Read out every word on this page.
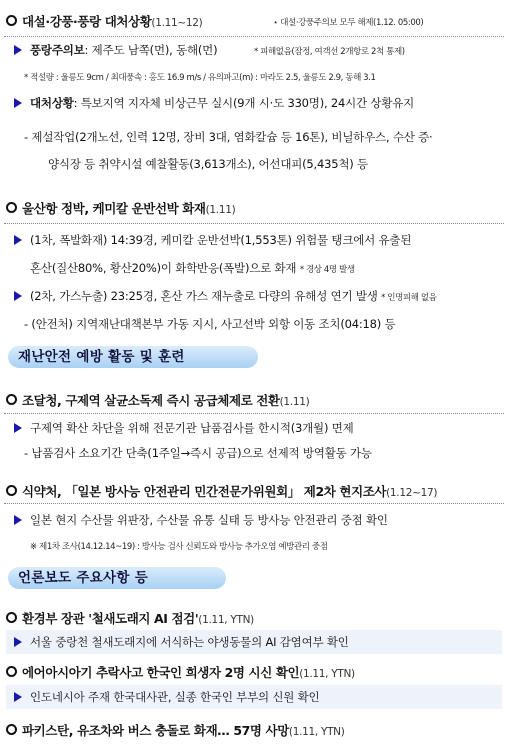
대설·강풍·풍랑 대처상황(1.11~12)	⋆ 대설·강풍주의보 모두 해제(1.12. 05:00)
풍랑주의보: 제주도 남쪽(먼), 동해(먼)	* 피해없음(잠정, 여객선 2개항로 2척 통제)
* 적설량 : 울릉도 9cm / 최대풍속 : 홍도 16.9 m/s / 유의파고(m) : 마라도 2.5, 울릉도 2.9, 동해 3.1
대처상황: 특보지역 지자체 비상근무 실시(9개 시·도 330명), 24시간 상황유지
- 제설작업(2개노선, 인력 12명, 장비 3대, 염화칼슘 등 16톤), 비닐하우스, 수산 증·
양식장 등 취약시설 예찰활동(3,613개소), 어선대피(5,435척) 등
울산항 정박, 케미칼 운반선박 화재(1.11)
(1차, 폭발화재) 14:39경, 케미칼 운반선박(1,553톤) 위험물 탱크에서 유출된
혼산(질산80%, 황산20%)이 화학반응(폭발)으로 화재 * 경상 4명 발생
(2차, 가스누출) 23:25경, 혼산 가스 재누출로 다량의 유해성 연기 발생 * 인명피해 없음
- (안전처) 지역재난대책본부 가동 지시, 사고선박 외항 이동 조치(04:18) 등
재난안전 예방 활동 및 훈련
조달청, 구제역 살균소독제 즉시 공급체제로 전환(1.11)
구제역 확산 차단을 위해 전문기관 납품검사를 한시적(3개월) 면제
- 납품검사 소요기간 단축(1주일→즉시 공급)으로 선제적 방역활동 가능
식약처, 「일본 방사능 안전관리 민간전문가위원회」 제2차 현지조사(1.12~17)
일본 현지 수산물 위판장, 수산물 유통 실태 등 방사능 안전관리 중점 확인
※ 제1차 조사(14.12.14~19) : 방사능 검사 신뢰도와 방사능 추가오염 예방관리 중점
언론보도 주요사항 등
환경부 장관 '철새도래지 AI 점검'(1.11, YTN)
서울 중랑천 철새도래지에 서식하는 야생동물의 AI 감염여부 확인
에어아시아기 추락사고 한국인 희생자 2명 시신 확인(1.11, YTN)
인도네시아 주재 한국대사관, 실종 한국인 부부의 신원 확인
파키스탄, 유조차와 버스 충돌로 화재… 57명 사망(1.11, YTN)
